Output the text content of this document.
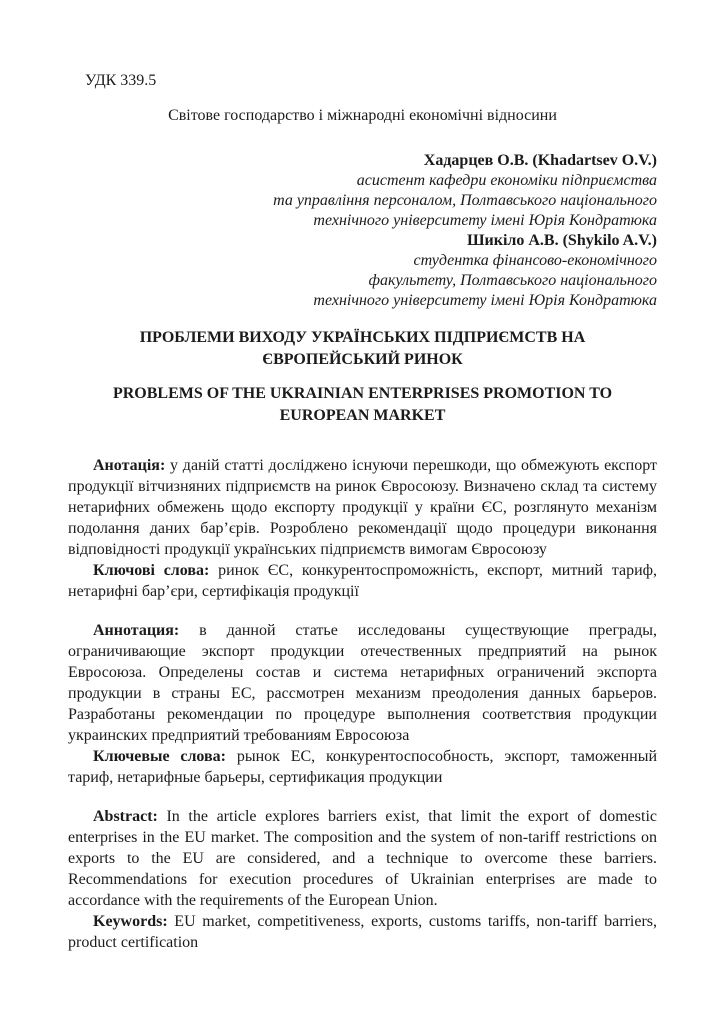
УДК 339.5

Світове господарство і міжнародні економічні відносини

Хадарцев О.В. (Khadartsev O.V.)

асистент кафедри економіки підприємства

та управління персоналом, Полтавського національного

технічного університету імені Юрія Кондратюка

Шикіло А.В. (Shykilo A.V.)

студентка фінансово-економічного

факультету, Полтавського національного

технічного університету імені Юрія Кондратюка

ПРОБЛЕМИ ВИХОДУ УКРАЇНСЬКИХ ПІДПРИЄМСТВ НА
ЄВРОПЕЙСЬКИЙ РИНОК
PROBLEMS OF THE UKRAINIAN ENTERPRISES PROMOTION TO
EUROPEAN MARKET

Анотація: у даній статті досліджено існуючи перешкоди, що обмежують експорт продукції вітчизняних підприємств на ринок Євросоюзу. Визначено склад та систему нетарифних обмежень щодо експорту продукції у країни ЄС, розглянуто механізм подолання даних бар’єрів. Розроблено рекомендації щодо процедури виконання відповідності продукції українських підприємств вимогам Євросоюзу

Ключові слова: ринок ЄС, конкурентоспроможність, експорт, митний тариф, нетарифні бар’єри, сертифікація продукції

Аннотация: в данной статье исследованы существующие преграды, ограничивающие экспорт продукции отечественных предприятий на рынок Евросоюза. Определены состав и система нетарифных ограничений экспорта продукции в страны ЕС, рассмотрен механизм преодоления данных барьеров. Разработаны рекомендации по процедуре выполнения соответствия продукции украинских предприятий требованиям Евросоюза

Ключевые слова: рынок ЕС, конкурентоспособность, экспорт, таможенный тариф, нетарифные барьеры, сертификация продукции

Abstract: In the article explores barriers exist, that limit the export of domestic enterprises in the EU market. The composition and the system of non-tariff restrictions on exports to the EU are considered, and a technique to overcome these barriers. Recommendations for execution procedures of Ukrainian enterprises are made to accordance with the requirements of the European Union.

Keywords: EU market, competitiveness, exports, customs tariffs, non-tariff barriers, product certification
